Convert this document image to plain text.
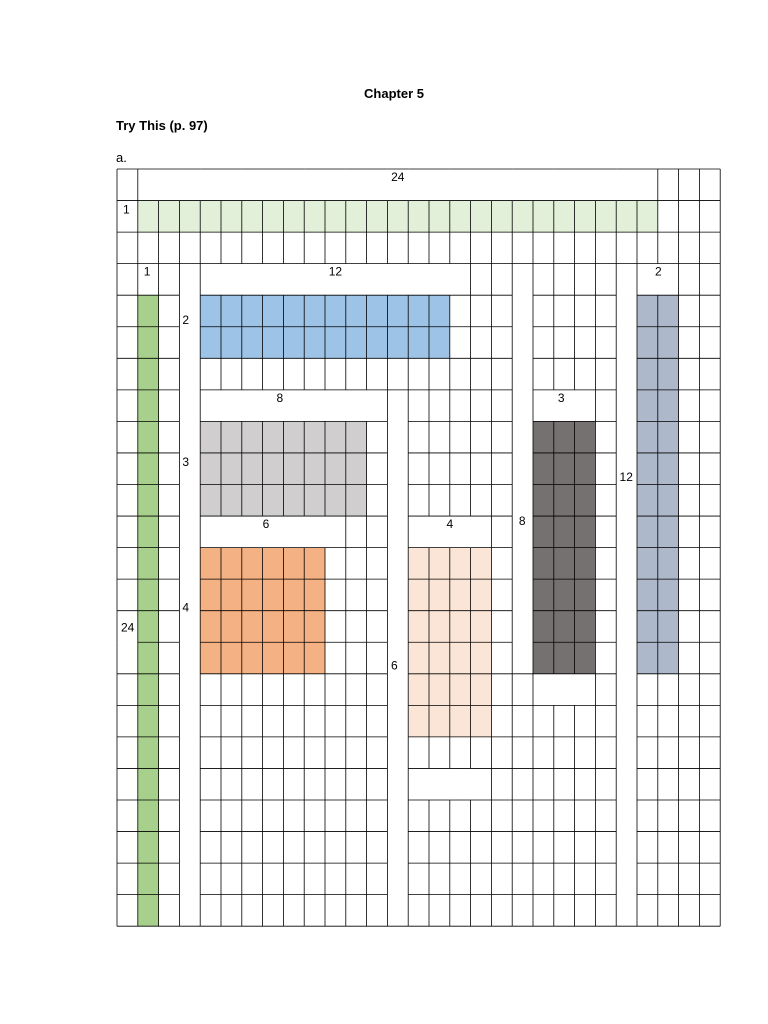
Chapter 5
Try This (p. 97)
a.
24
1
1	12	2
2
8	3
3
12
8
6	4
4
24
6
